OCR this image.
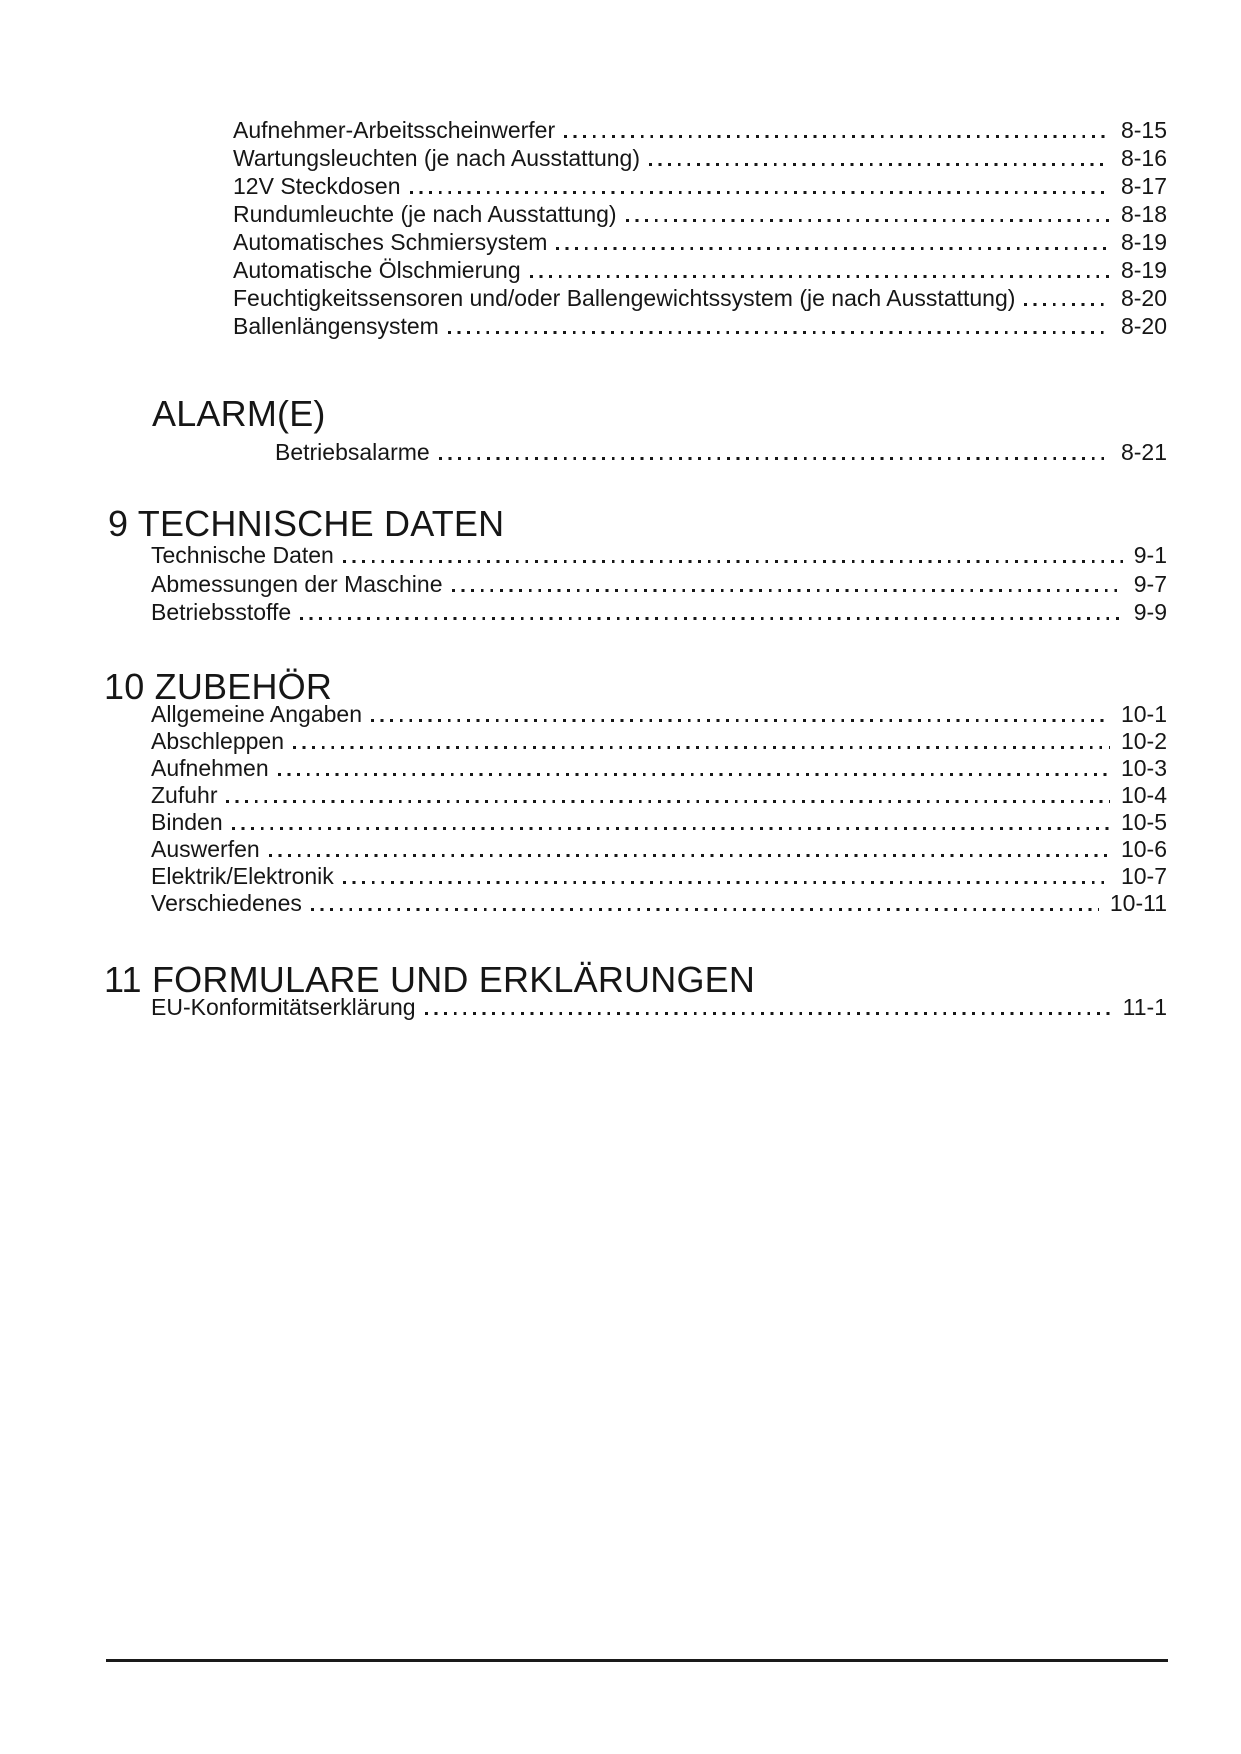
Aufnehmer-Arbeitsscheinwerfer	8-15
Wartungsleuchten (je nach Ausstattung)	8-16
12V Steckdosen	8-17
Rundumleuchte (je nach Ausstattung)	8-18
Automatisches Schmiersystem	8-19
Automatische Ölschmierung	8-19
Feuchtigkeitssensoren und/oder Ballengewichtssystem (je nach Ausstattung)	8-20
Ballenlängensystem	8-20
ALARM(E)
Betriebsalarme	8-21
9 TECHNISCHE DATEN
Technische Daten	9-1
Abmessungen der Maschine	9-7
Betriebsstoffe	9-9
10 ZUBEHÖR
Allgemeine Angaben	10-1
Abschleppen	10-2
Aufnehmen	10-3
Zufuhr	10-4
Binden	10-5
Auswerfen	10-6
Elektrik/Elektronik	10-7
Verschiedenes	10-11
11 FORMULARE UND ERKLÄRUNGEN
EU-Konformitätserklärung	11-1
